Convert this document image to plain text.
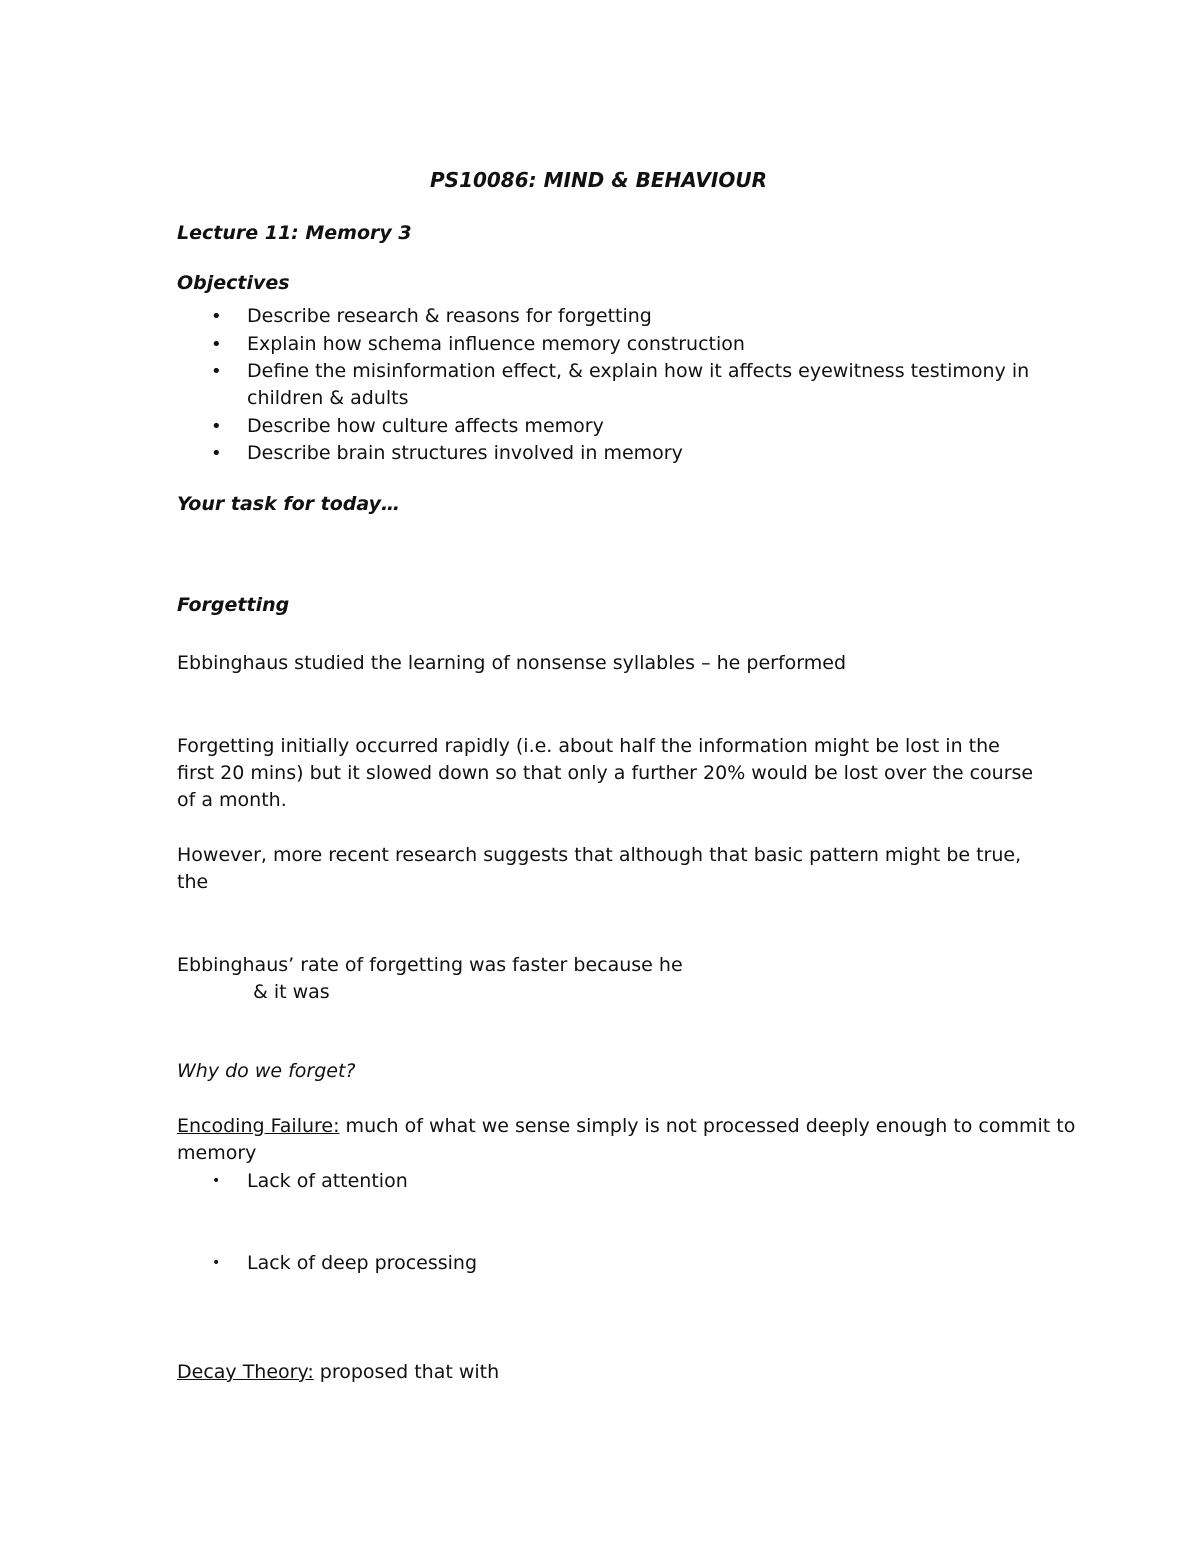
PS10086: MIND & BEHAVIOUR
Lecture 11: Memory 3
Objectives
• Describe research & reasons for forgetting
• Explain how schema influence memory construction
• Define the misinformation effect, & explain how it affects eyewitness testimony in
children & adults
• Describe how culture affects memory
• Describe brain structures involved in memory
Your task for today…
Forgetting
Ebbinghaus studied the learning of nonsense syllables – he performed
Forgetting initially occurred rapidly (i.e. about half the information might be lost in the
first 20 mins) but it slowed down so that only a further 20% would be lost over the course
of a month.
However, more recent research suggests that although that basic pattern might be true,
the
Ebbinghaus’ rate of forgetting was faster because he
& it was
Why do we forget?
Encoding Failure: much of what we sense simply is not processed deeply enough to commit to
memory
• Lack of attention
• Lack of deep processing
Decay Theory: proposed that with
